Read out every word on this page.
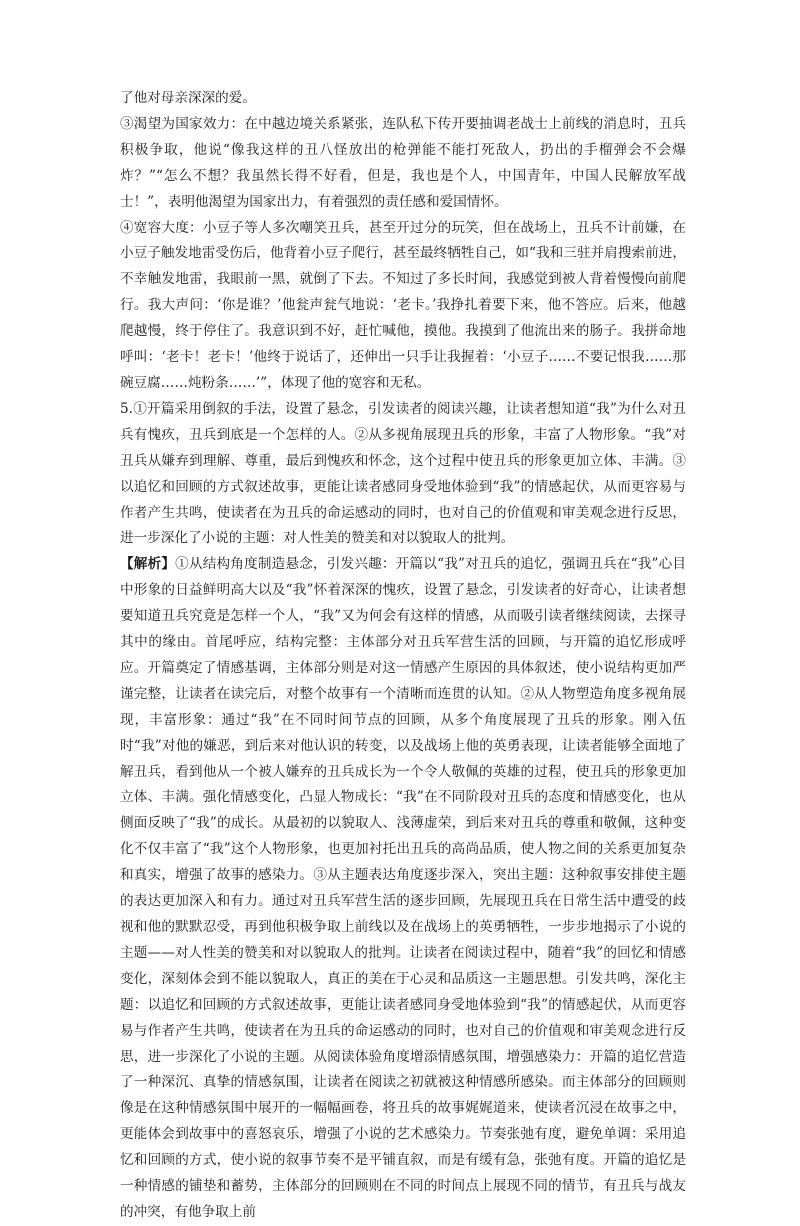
了他对母亲深深的爱。

③渴望为国家效力：在中越边境关系紧张，连队私下传开要抽调老战士上前线的消息时，丑兵积极争取，他说“像我这样的丑八怪放出的枪弹能不能打死敌人，扔出的手榴弹会不会爆炸？”“怎么不想？我虽然长得不好看，但是，我也是个人，中国青年，中国人民解放军战士！”，表明他渴望为国家出力，有着强烈的责任感和爱国情怀。

④宽容大度：小豆子等人多次嘲笑丑兵，甚至开过分的玩笑，但在战场上，丑兵不计前嫌，在小豆子触发地雷受伤后，他背着小豆子爬行，甚至最终牺牲自己，如“我和三驻并肩搜索前进，不幸触发地雷，我眼前一黑，就倒了下去。不知过了多长时间，我感觉到被人背着慢慢向前爬行。我大声问：‘你是谁？’他瓮声瓮气地说：‘老卡。’我挣扎着要下来，他不答应。后来，他越爬越慢，终于停住了。我意识到不好，赶忙喊他，摸他。我摸到了他流出来的肠子。我拼命地呼叫：‘老卡！老卡！’他终于说话了，还伸出一只手让我握着：‘小豆子……不要记恨我……那碗豆腐……炖粉条……’”，体现了他的宽容和无私。

5.①开篇采用倒叙的手法，设置了悬念，引发读者的阅读兴趣，让读者想知道“我”为什么对丑兵有愧疚，丑兵到底是一个怎样的人。②从多视角展现丑兵的形象，丰富了人物形象。“我”对丑兵从嫌弃到理解、尊重，最后到愧疚和怀念，这个过程中使丑兵的形象更加立体、丰满。③以追忆和回顾的方式叙述故事，更能让读者感同身受地体验到“我”的情感起伏，从而更容易与作者产生共鸣，使读者在为丑兵的命运感动的同时，也对自己的价值观和审美观念进行反思，进一步深化了小说的主题：对人性美的赞美和对以貌取人的批判。

【解析】①从结构角度制造悬念，引发兴趣：开篇以“我”对丑兵的追忆，强调丑兵在“我”心目中形象的日益鲜明高大以及“我”怀着深深的愧疚，设置了悬念，引发读者的好奇心，让读者想要知道丑兵究竟是怎样一个人，“我”又为何会有这样的情感，从而吸引读者继续阅读，去探寻其中的缘由。首尾呼应，结构完整：主体部分对丑兵军营生活的回顾，与开篇的追忆形成呼应。开篇奠定了情感基调，主体部分则是对这一情感产生原因的具体叙述，使小说结构更加严谨完整，让读者在读完后，对整个故事有一个清晰而连贯的认知。②从人物塑造角度多视角展现，丰富形象：通过“我”在不同时间节点的回顾，从多个角度展现了丑兵的形象。刚入伍时“我”对他的嫌恶，到后来对他认识的转变，以及战场上他的英勇表现，让读者能够全面地了解丑兵，看到他从一个被人嫌弃的丑兵成长为一个令人敬佩的英雄的过程，使丑兵的形象更加立体、丰满。强化情感变化，凸显人物成长：“我”在不同阶段对丑兵的态度和情感变化，也从侧面反映了“我”的成长。从最初的以貌取人、浅薄虚荣，到后来对丑兵的尊重和敬佩，这种变化不仅丰富了“我”这个人物形象，也更加衬托出丑兵的高尚品质，使人物之间的关系更加复杂和真实，增强了故事的感染力。③从主题表达角度逐步深入，突出主题：这种叙事安排使主题的表达更加深入和有力。通过对丑兵军营生活的逐步回顾，先展现丑兵在日常生活中遭受的歧视和他的默默忍受，再到他积极争取上前线以及在战场上的英勇牺牲，一步步地揭示了小说的主题——对人性美的赞美和对以貌取人的批判。让读者在阅读过程中，随着“我”的回忆和情感变化，深刻体会到不能以貌取人，真正的美在于心灵和品质这一主题思想。引发共鸣，深化主题：以追忆和回顾的方式叙述故事，更能让读者感同身受地体验到“我”的情感起伏，从而更容易与作者产生共鸣，使读者在为丑兵的命运感动的同时，也对自己的价值观和审美观念进行反思，进一步深化了小说的主题。从阅读体验角度增添情感氛围，增强感染力：开篇的追忆营造了一种深沉、真挚的情感氛围，让读者在阅读之初就被这种情感所感染。而主体部分的回顾则像是在这种情感氛围中展开的一幅幅画卷，将丑兵的故事娓娓道来，使读者沉浸在故事之中，更能体会到故事中的喜怒哀乐，增强了小说的艺术感染力。节奏张弛有度，避免单调：采用追忆和回顾的方式，使小说的叙事节奏不是平铺直叙，而是有缓有急，张弛有度。开篇的追忆是一种情感的铺垫和蓄势，主体部分的回顾则在不同的时间点上展现不同的情节，有丑兵与战友的冲突，有他争取上前
